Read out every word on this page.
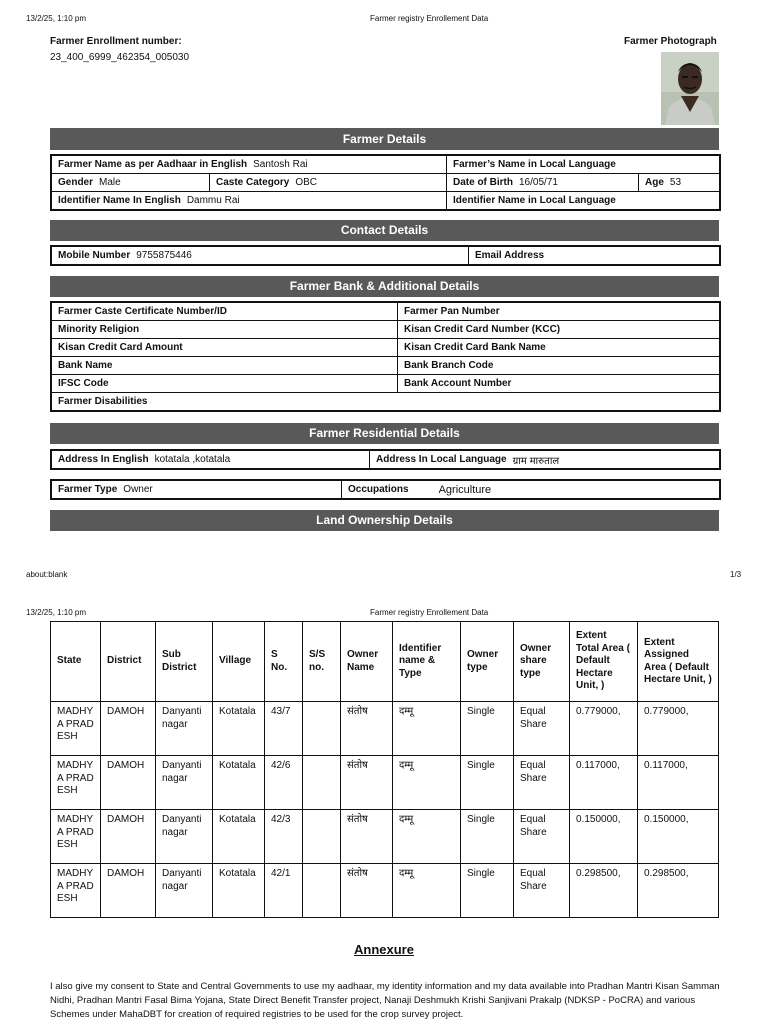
13/2/25, 1:10 pm	Farmer registry Enrollement Data
Farmer Enrollment number:
23_400_6999_462354_005030
Farmer Photograph
Farmer Details
Farmer Name as per Aadhaar in English Santosh Rai	Farmer’s Name in Local Language
Gender Male	Caste Category OBC	Date of Birth 16/05/71	Age 53
Identifier Name In English Dammu Rai	Identifier Name in Local Language
Contact Details
Mobile Number 9755875446	Email Address
Farmer Bank & Additional Details
Farmer Caste Certificate Number/ID	Farmer Pan Number
Minority Religion	Kisan Credit Card Number (KCC)
Kisan Credit Card Amount	Kisan Credit Card Bank Name
Bank Name	Bank Branch Code
IFSC Code	Bank Account Number
Farmer Disabilities
Farmer Residential Details
Address In English kotatala ,kotatala	Address In Local Language ग्राम मारुताल
Farmer Type Owner	Occupations	Agriculture
Land Ownership Details
about:blank	1/3
13/2/25, 1:10 pm	Farmer registry Enrollement Data
State	District	Sub District	Village	S No.	S/S no.	Owner Name	Identifier name & Type	Owner type	Owner share type	Extent Total Area ( Default Hectare Unit, )	Extent Assigned Area ( Default Hectare Unit, )
MADHYA PRADESH	DAMOH	Danyanti nagar	Kotatala	43/7		संतोष	दम्मू	Single	Equal Share	0.779000,	0.779000,
MADHYA PRADESH	DAMOH	Danyanti nagar	Kotatala	42/6		संतोष	दम्मू	Single	Equal Share	0.117000,	0.117000,
MADHYA PRADESH	DAMOH	Danyanti nagar	Kotatala	42/3		संतोष	दम्मू	Single	Equal Share	0.150000,	0.150000,
MADHYA PRADESH	DAMOH	Danyanti nagar	Kotatala	42/1		संतोष	दम्मू	Single	Equal Share	0.298500,	0.298500,
Annexure
I also give my consent to State and Central Governments to use my aadhaar, my identity information and my data available into Pradhan Mantri Kisan Samman Nidhi, Pradhan Mantri Fasal Bima Yojana, State Direct Benefit Transfer project, Nanaji Deshmukh Krishi Sanjivani Prakalp (NDKSP - PoCRA) and various Schemes under MahaDBT for creation of required registries to be used for the crop survey project.
